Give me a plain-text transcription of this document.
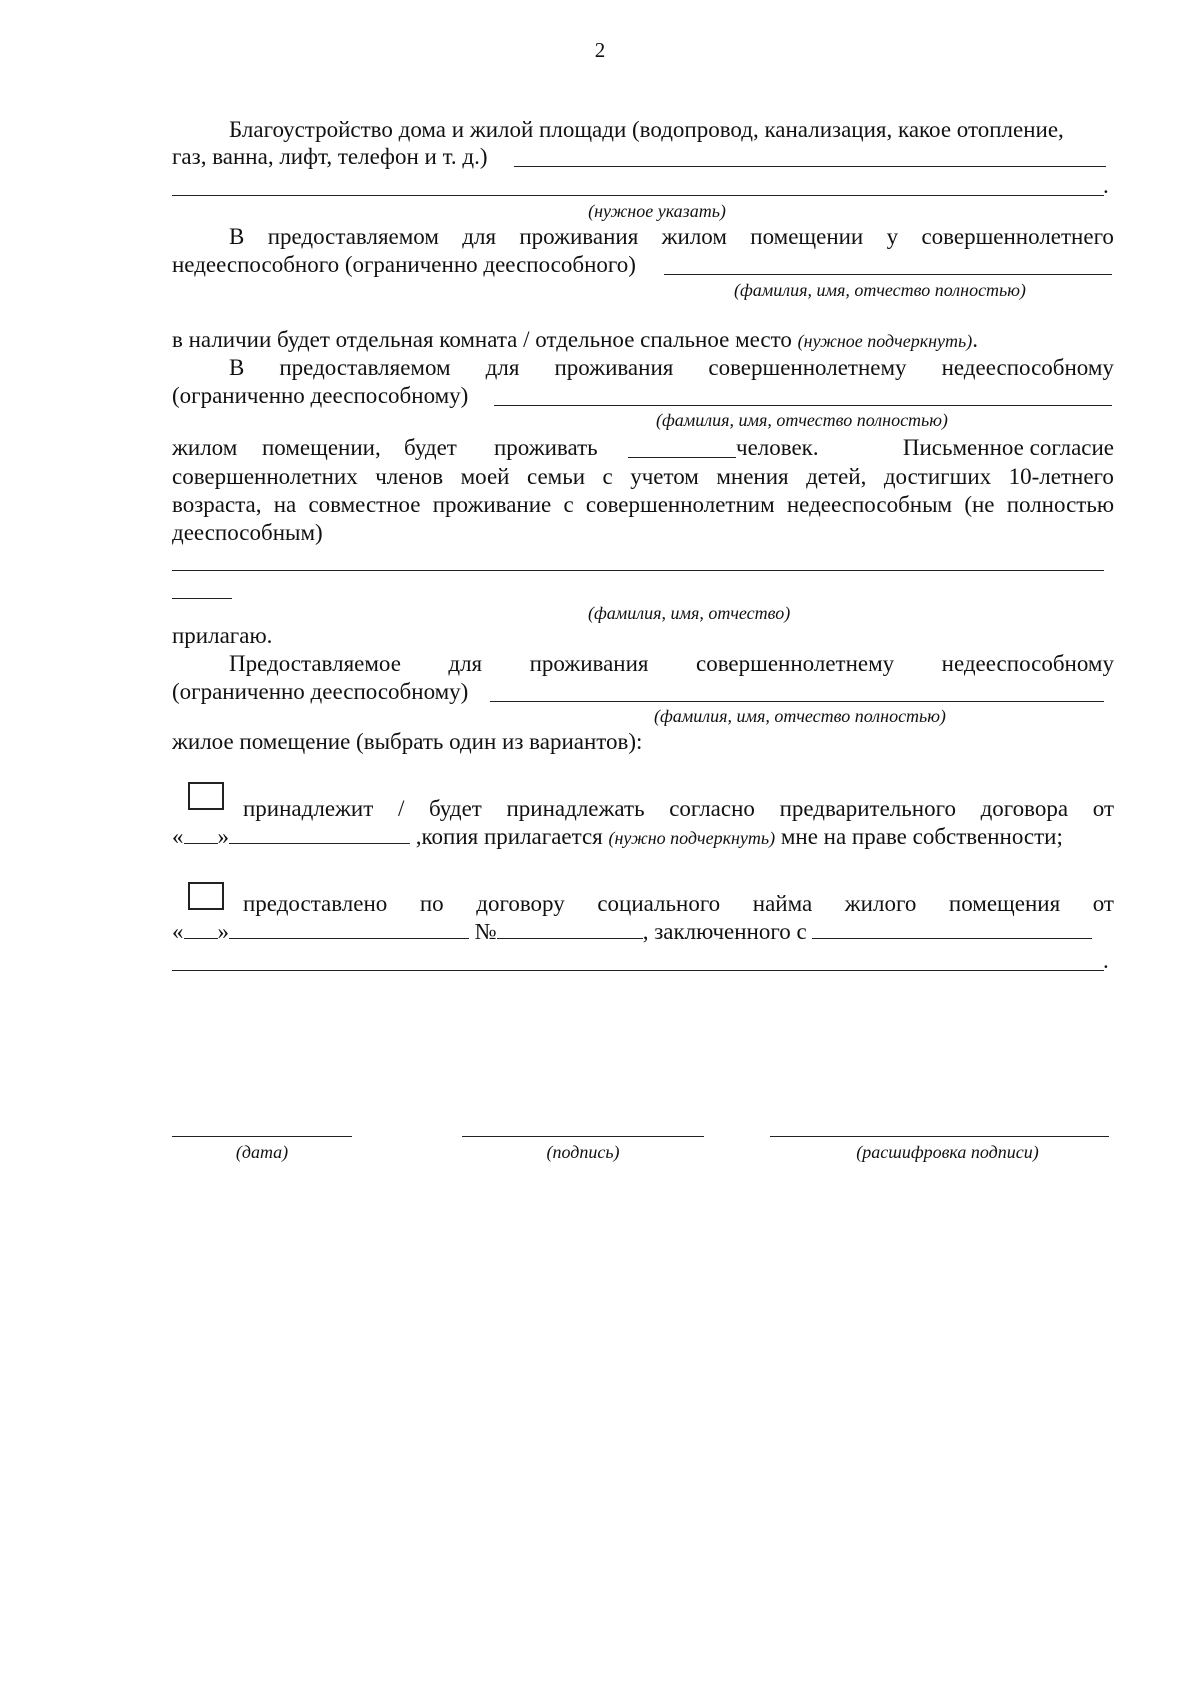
2
Благоустройство дома и жилой площади (водопровод, канализация, какое отопление,
газ, ванна, лифт, телефон и т. д.)
.
(нужное указать)
В предоставляемом для проживания жилом помещении у совершеннолетнего
недееспособного (ограниченно дееспособного)
(фамилия, имя, отчество полностью)
в наличии будет отдельная комната / отдельное спальное место (нужное подчеркнуть).
В предоставляемом для проживания совершеннолетнему недееспособному
(ограниченно дееспособному)
(фамилия, имя, отчество полностью)
жилом помещении, будет проживать	человек.	Письменное согласие
совершеннолетних членов моей семьи с учетом мнения детей, достигших 10-летнего
возраста, на совместное проживание с совершеннолетним недееспособным (не полностью
дееспособным)
(фамилия, имя, отчество)
прилагаю.
Предоставляемое для проживания совершеннолетнему недееспособному
(ограниченно дееспособному)
(фамилия, имя, отчество полностью)
жилое помещение (выбрать один из вариантов):
принадлежит / будет принадлежать согласно предварительного договора от
« »	,копия прилагается (нужно подчеркнуть) мне на праве собственности;
предоставлено по договору социального найма жилого помещения от
« »	№	, заключенного с
.
(дата)	(подпись)	(расшифровка подписи)
